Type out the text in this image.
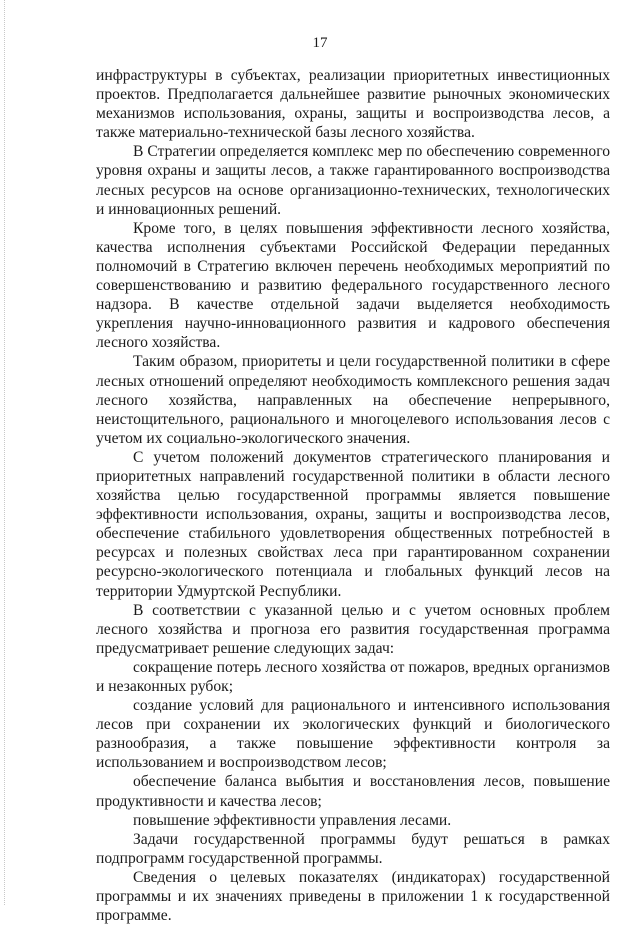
17

инфраструктуры в субъектах, реализации приоритетных инвестиционных проектов. Предполагается дальнейшее развитие рыночных экономических механизмов использования, охраны, защиты и воспроизводства лесов, а также материально-технической базы лесного хозяйства.

В Стратегии определяется комплекс мер по обеспечению современного уровня охраны и защиты лесов, а также гарантированного воспроизводства лесных ресурсов на основе организационно-технических, технологических и инновационных решений.

Кроме того, в целях повышения эффективности лесного хозяйства, качества исполнения субъектами Российской Федерации переданных полномочий в Стратегию включен перечень необходимых мероприятий по совершенствованию и развитию федерального государственного лесного надзора. В качестве отдельной задачи выделяется необходимость укрепления научно-инновационного развития и кадрового обеспечения лесного хозяйства.

Таким образом, приоритеты и цели государственной политики в сфере лесных отношений определяют необходимость комплексного решения задач лесного хозяйства, направленных на обеспечение непрерывного, неистощительного, рационального и многоцелевого использования лесов с учетом их социально-экологического значения.

С учетом положений документов стратегического планирования и приоритетных направлений государственной политики в области лесного хозяйства целью государственной программы является повышение эффективности использования, охраны, защиты и воспроизводства лесов, обеспечение стабильного удовлетворения общественных потребностей в ресурсах и полезных свойствах леса при гарантированном сохранении ресурсно-экологического потенциала и глобальных функций лесов на территории Удмуртской Республики.

В соответствии с указанной целью и с учетом основных проблем лесного хозяйства и прогноза его развития государственная программа предусматривает решение следующих задач:

сокращение потерь лесного хозяйства от пожаров, вредных организмов и незаконных рубок;

создание условий для рационального и интенсивного использования лесов при сохранении их экологических функций и биологического разнообразия, а также повышение эффективности контроля за использованием и воспроизводством лесов;

обеспечение баланса выбытия и восстановления лесов, повышение продуктивности и качества лесов;

повышение эффективности управления лесами.

Задачи государственной программы будут решаться в рамках подпрограмм государственной программы.

Сведения о целевых показателях (индикаторах) государственной программы и их значениях приведены в приложении 1 к государственной программе.
